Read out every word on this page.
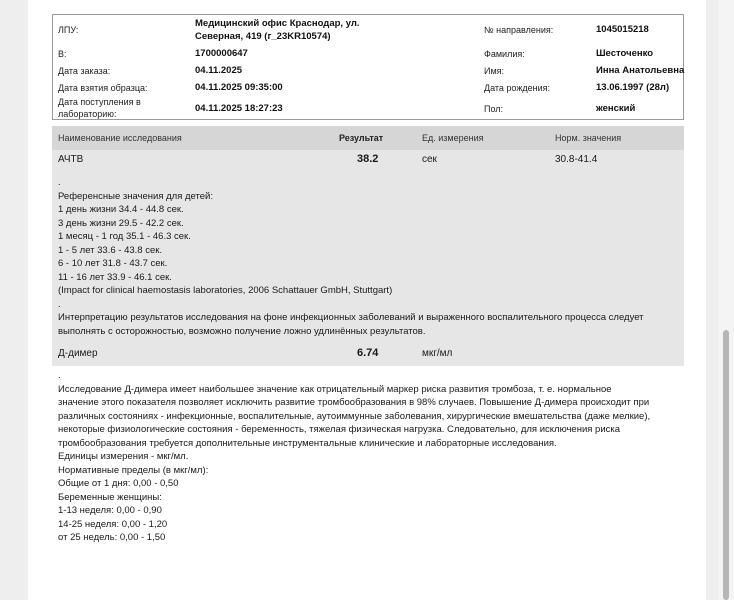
ЛПУ:
Медицинский офис Краснодар, ул.
Северная, 419 (г_23KR10574)
В:	1700000647
Дата заказа:	04.11.2025
Дата взятия образца:	04.11.2025 09:35:00
Дата поступления в
лабораторию:	04.11.2025 18:27:23
№ направления:	1045015218
Фамилия:	Шесточенко
Имя:	Инна Анатольевна
Дата рождения:	13.06.1997 (28л)
Пол:	женский
Наименование исследования	Результат	Ед. измерения	Норм. значения
АЧТВ	38.2	сек	30.8-41.4
.
Референсные значения для детей:
1 день жизни 34.4 - 44.8 сек.
3 день жизни 29.5 - 42.2 сек.
1 месяц - 1 год 35.1 - 46.3 сек.
1 - 5 лет 33.6 - 43.8 сек.
6 - 10 лет 31.8 - 43.7 сек.
11 - 16 лет 33.9 - 46.1 сек.
(Impact for clinical haemostasis laboratories, 2006 Schattauer GmbH, Stuttgart)
.
Интерпретацию результатов исследования на фоне инфекционных заболеваний и выраженного воспалительного процесса следует
выполнять с осторожностью, возможно получение ложно удлинённых результатов.
Д-димер	6.74	мкг/мл
.
Исследование Д-димера имеет наибольшее значение как отрицательный маркер риска развития тромбоза, т. е. нормальное
значение этого показателя позволяет исключить развитие тромбообразования в 98% случаев. Повышение Д-димера происходит при
различных состояниях - инфекционные, воспалительные, аутоиммунные заболевания, хирургические вмешательства (даже мелкие),
некоторые физиологические состояния - беременность, тяжелая физическая нагрузка. Следовательно, для исключения риска
тромбообразования требуется дополнительные инструментальные клинические и лабораторные исследования.
Единицы измерения - мкг/мл.
Нормативные пределы (в мкг/мл):
Общие от 1 дня: 0,00 - 0,50
Беременные женщины:
1-13 неделя: 0,00 - 0,90
14-25 неделя: 0,00 - 1,20
от 25 недель: 0,00 - 1,50
